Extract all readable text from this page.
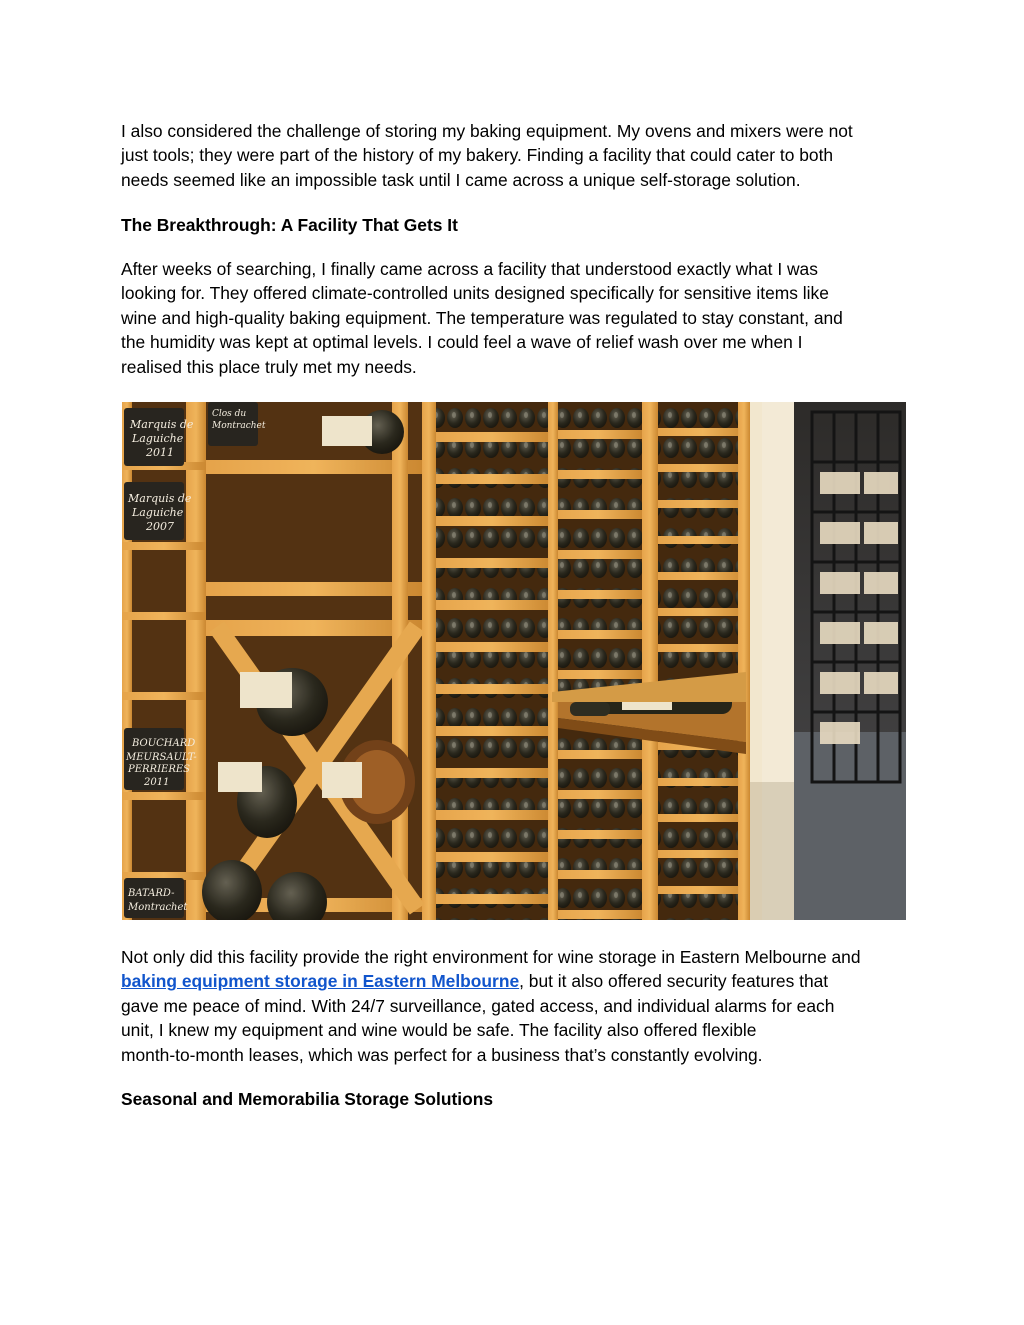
I also considered the challenge of storing my baking equipment. My ovens and mixers were not
just tools; they were part of the history of my bakery. Finding a facility that could cater to both
needs seemed like an impossible task until I came across a unique self-storage solution.
The Breakthrough: A Facility That Gets It
After weeks of searching, I finally came across a facility that understood exactly what I was
looking for. They offered climate-controlled units designed specifically for sensitive items like
wine and high-quality baking equipment. The temperature was regulated to stay constant, and
the humidity was kept at optimal levels. I could feel a wave of relief wash over me when I
realised this place truly met my needs.
Marquis de
Laguiche
2011
Marquis de
Laguiche
2007
BOUCHARD
MEURSAULT-
PERRIERES
2011
BATARD-
Montrachet
Clos du
Montrachet
Not only did this facility provide the right environment for wine storage in Eastern Melbourne and
baking equipment storage in Eastern Melbourne, but it also offered security features that
gave me peace of mind. With 24/7 surveillance, gated access, and individual alarms for each
unit, I knew my equipment and wine would be safe. The facility also offered flexible
month-to-month leases, which was perfect for a business that’s constantly evolving.
Seasonal and Memorabilia Storage Solutions
